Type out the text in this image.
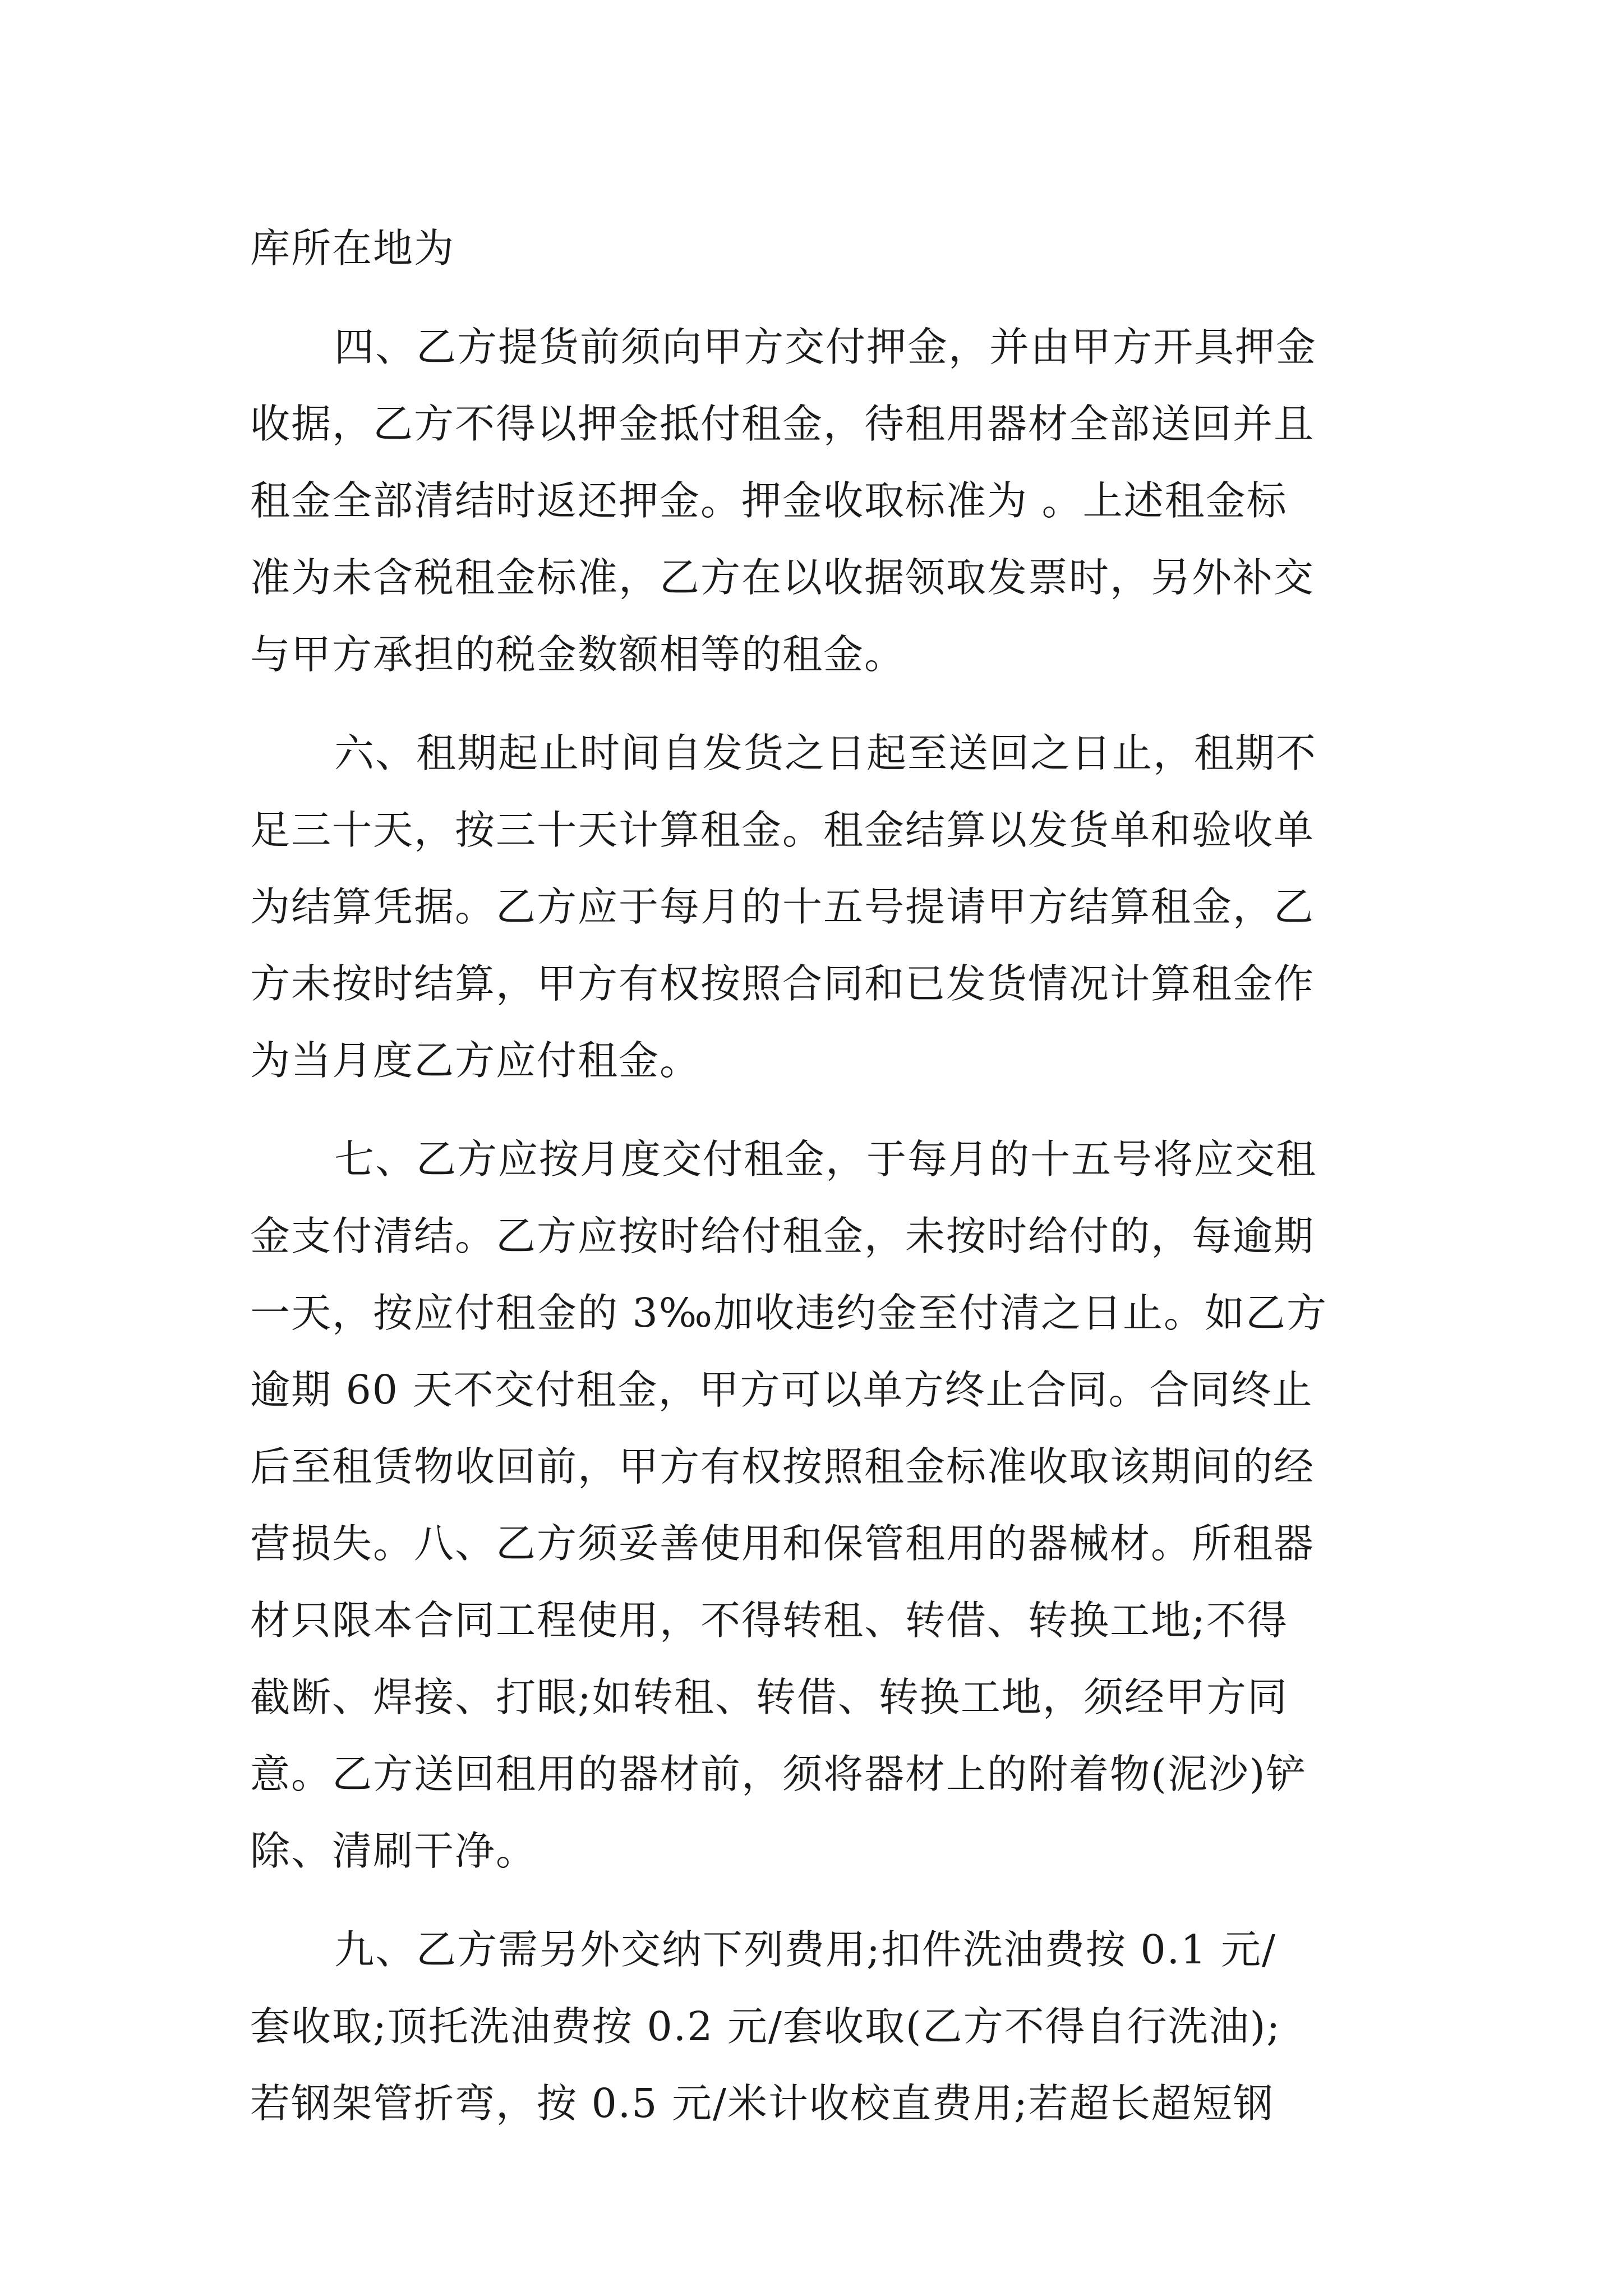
库所在地为
四、乙方提货前须向甲方交付押金，并由甲方开具押金
收据，乙方不得以押金抵付租金，待租用器材全部送回并且
租金全部清结时返还押金。押金收取标准为 。上述租金标
准为未含税租金标准，乙方在以收据领取发票时，另外补交
与甲方承担的税金数额相等的租金。
六、租期起止时间自发货之日起至送回之日止，租期不
足三十天，按三十天计算租金。租金结算以发货单和验收单
为结算凭据。乙方应于每月的十五号提请甲方结算租金，乙
方未按时结算，甲方有权按照合同和已发货情况计算租金作
为当月度乙方应付租金。
七、乙方应按月度交付租金，于每月的十五号将应交租
金支付清结。乙方应按时给付租金，未按时给付的，每逾期
一天，按应付租金的 3‰加收违约金至付清之日止。如乙方
逾期 60 天不交付租金，甲方可以单方终止合同。合同终止
后至租赁物收回前，甲方有权按照租金标准收取该期间的经
营损失。八、乙方须妥善使用和保管租用的器械材。所租器
材只限本合同工程使用，不得转租、转借、转换工地;不得
截断、焊接、打眼;如转租、转借、转换工地，须经甲方同
意。乙方送回租用的器材前，须将器材上的附着物(泥沙)铲
除、清刷干净。
九、乙方需另外交纳下列费用;扣件洗油费按 0.1 元/
套收取;顶托洗油费按 0.2 元/套收取(乙方不得自行洗油);
若钢架管折弯，按 0.5 元/米计收校直费用;若超长超短钢
